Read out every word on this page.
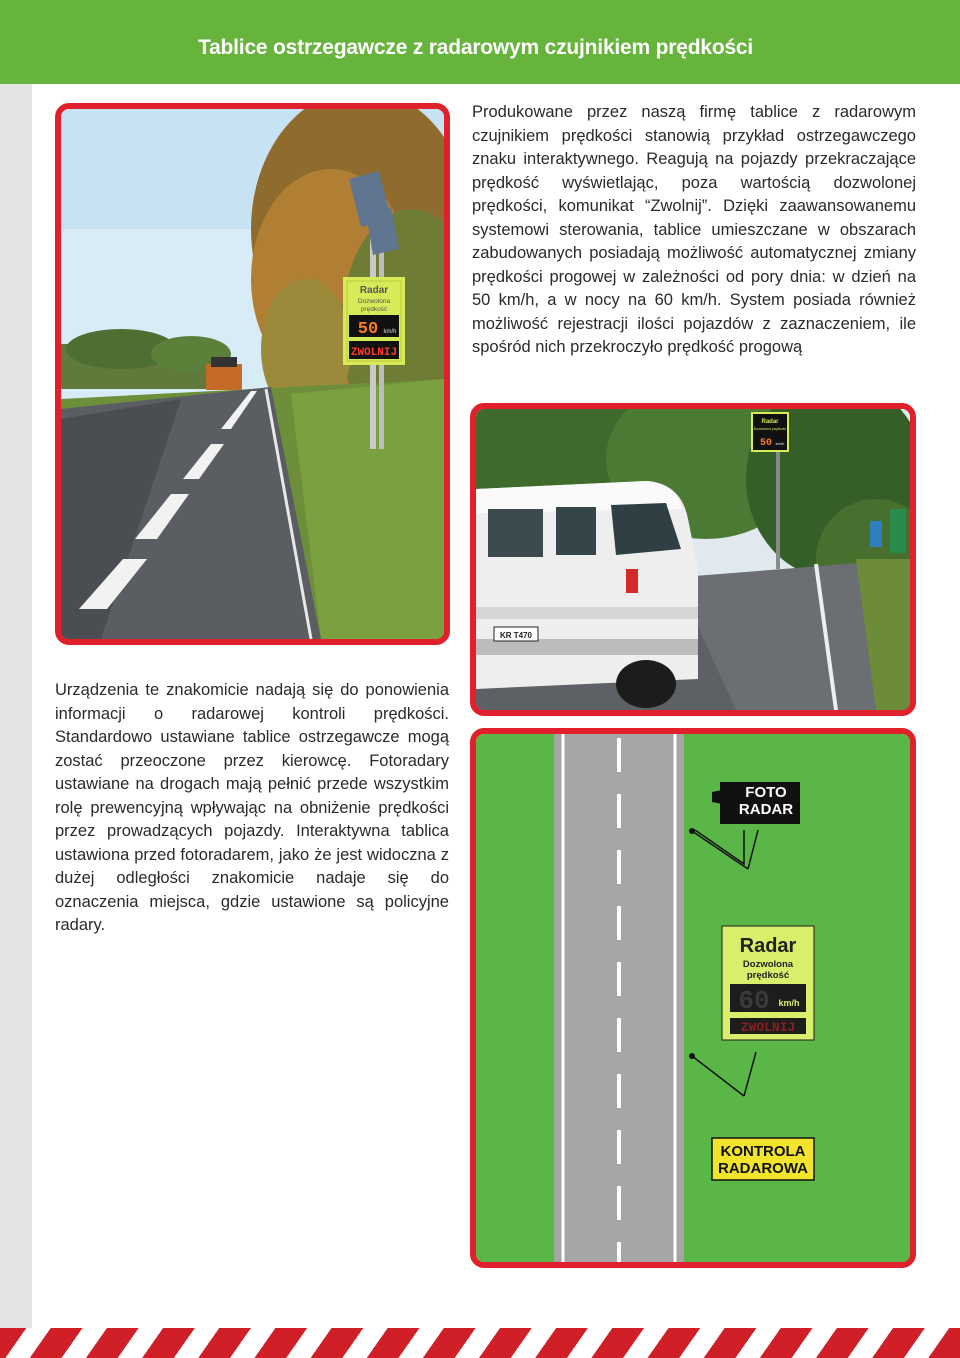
Tablice ostrzegawcze z radarowym czujnikiem prędkości

Produkowane przez naszą firmę tablice z radarowym czujnikiem prędkości stanowią przykład ostrzegawczego znaku interaktywnego. Reagują na pojazdy przekraczające prędkość wyświetlając, poza wartością dozwolonej prędkości, komunikat “Zwolnij”. Dzięki zaawansowanemu systemowi sterowania, tablice umieszczane w obszarach zabudowanych posiadają możliwość automatycznej zmiany prędkości progowej w zależności od pory dnia: w dzień na 50 km/h, a w nocy na 60 km/h. System posiada również możliwość rejestracji ilości pojazdów z zaznaczeniem, ile spośród nich przekroczyło prędkość progową

Radar
Dozwolona
prędkość
50 km/h
ZWOLNIJ
Radar
Dozwolona prędkość
50 km/h
KR T470

Urządzenia te znakomicie nadają się do ponowienia informacji o radarowej kontroli prędkości. Standardowo ustawiane tablice ostrzegawcze mogą zostać przeoczone przez kierowcę. Fotoradary ustawiane na drogach mają pełnić przede wszystkim rolę prewencyjną wpływając na obniżenie prędkości przez prowadzących pojazdy. Interaktywna tablica ustawiona przed fotoradarem, jako że jest widoczna z dużej odległości znakomicie nadaje się do oznaczenia miejsca, gdzie ustawione są policyjne radary.

FOTO
RADAR
Radar
Dozwolona
prędkość
60 km/h
ZWOLNIJ
KONTROLA
RADAROWA
